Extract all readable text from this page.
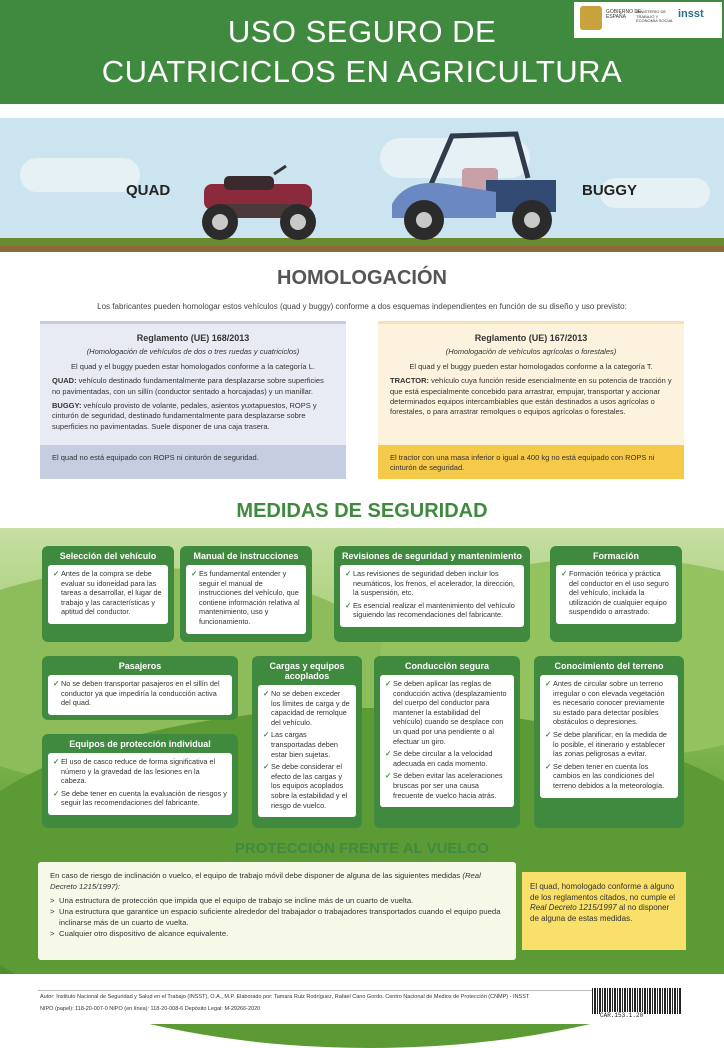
USO SEGURO DE
CUATRICICLOS EN AGRICULTURA
GOBIERNO DE ESPAÑA
MINISTERIO DE TRABAJO Y ECONOMÍA SOCIAL
insst
QUAD	BUGGY
HOMOLOGACIÓN
Los fabricantes pueden homologar estos vehículos (quad y buggy) conforme a dos esquemas independientes en función de su diseño y uso previsto:
Reglamento (UE) 168/2013
(Homologación de vehículos de dos o tres ruedas y cuatriciclos)

El quad y el buggy pueden estar homologados conforme a la categoría L.

QUAD: vehículo destinado fundamentalmente para desplazarse sobre superficies no pavimentadas, con un sillín (conductor sentado a horcajadas) y un manillar.

BUGGY: vehículo provisto de volante, pedales, asientos yuxtapuestos, ROPS y cinturón de seguridad, destinado fundamentalmente para desplazarse sobre superficies no pavimentadas. Suele disponer de una caja trasera.

El quad no está equipado con ROPS ni cinturón de seguridad.
Reglamento (UE) 167/2013
(Homologación de vehículos agrícolas o forestales)

El quad y el buggy pueden estar homologados conforme a la categoría T.

TRACTOR: vehículo cuya función reside esencialmente en su potencia de tracción y que está especialmente concebido para arrastrar, empujar, transportar y accionar determinados equipos intercambiables que están destinados a usos agrícolas o forestales, o para arrastrar remolques o equipos agrícolas o forestales.

El tractor con una masa inferior o igual a 400 kg no está equipado con ROPS ni cinturón de seguridad.
MEDIDAS DE SEGURIDAD
Selección del vehículo
✓ Antes de la compra se debe evaluar su idoneidad para las tareas a desarrollar, el lugar de trabajo y las características y aptitud del conductor.
Manual de instrucciones
✓ Es fundamental entender y seguir el manual de instrucciones del vehículo, que contiene información relativa al mantenimiento, uso y funcionamiento.
Revisiones de seguridad y mantenimiento
✓ Las revisiones de seguridad deben incluir los neumáticos, los frenos, el acelerador, la dirección, la suspensión, etc.
✓ Es esencial realizar el mantenimiento del vehículo siguiendo las recomendaciones del fabricante.
Formación
✓ Formación teórica y práctica del conductor en el uso seguro del vehículo, incluida la utilización de cualquier equipo suspendido o arrastrado.
Pasajeros
✓ No se deben transportar pasajeros en el sillín del conductor ya que impediría la conducción activa del quad.
Cargas y equipos acoplados
✓ No se deben exceder los límites de carga y de capacidad de remolque del vehículo.
✓ Las cargas transportadas deben estar bien sujetas.
✓ Se debe considerar el efecto de las cargas y los equipos acoplados sobre la estabilidad y el riesgo de vuelco.
Conducción segura
✓ Se deben aplicar las reglas de conducción activa (desplazamiento del cuerpo del conductor para mantener la estabilidad del vehículo) cuando se desplace con un quad por una pendiente o al efectuar un giro.
✓ Se debe circular a la velocidad adecuada en cada momento.
✓ Se deben evitar las aceleraciones bruscas por ser una causa frecuente de vuelco hacia atrás.
Conocimiento del terreno
✓ Antes de circular sobre un terreno irregular o con elevada vegetación es necesario conocer previamente su estado para detectar posibles obstáculos o depresiones.
✓ Se debe planificar, en la medida de lo posible, el itinerario y establecer las zonas peligrosas a evitar.
✓ Se deben tener en cuenta los cambios en las condiciones del terreno debidos a la meteorología.
Equipos de protección individual
✓ El uso de casco reduce de forma significativa el número y la gravedad de las lesiones en la cabeza.
✓ Se debe tener en cuenta la evaluación de riesgos y seguir las recomendaciones del fabricante.
PROTECCIÓN FRENTE AL VUELCO
En caso de riesgo de inclinación o vuelco, el equipo de trabajo móvil debe disponer de alguna de las siguientes medidas (Real Decreto 1215/1997):
> Una estructura de protección que impida que el equipo de trabajo se incline más de un cuarto de vuelta.
> Una estructura que garantice un espacio suficiente alrededor del trabajador o trabajadores transportados cuando el equipo pueda inclinarse más de un cuarto de vuelta.
> Cualquier otro dispositivo de alcance equivalente.
El quad, homologado conforme a alguno de los reglamentos citados, no cumple el Real Decreto 1215/1997 al no disponer de alguna de estas medidas.
Autor: Instituto Nacional de Seguridad y Salud en el Trabajo (INSST), O.A., M.P. Elaborado por: Tamara Ruiz Rodríguez, Rafael Cano Gordo. Centro Nacional de Medios de Protección (CNMP) - INSST
NIPO (papel): 118-20-007-0 NIPO (en línea): 118-20-008-6 Depósito Legal: M-29266-2020
CAR.153.1.20
